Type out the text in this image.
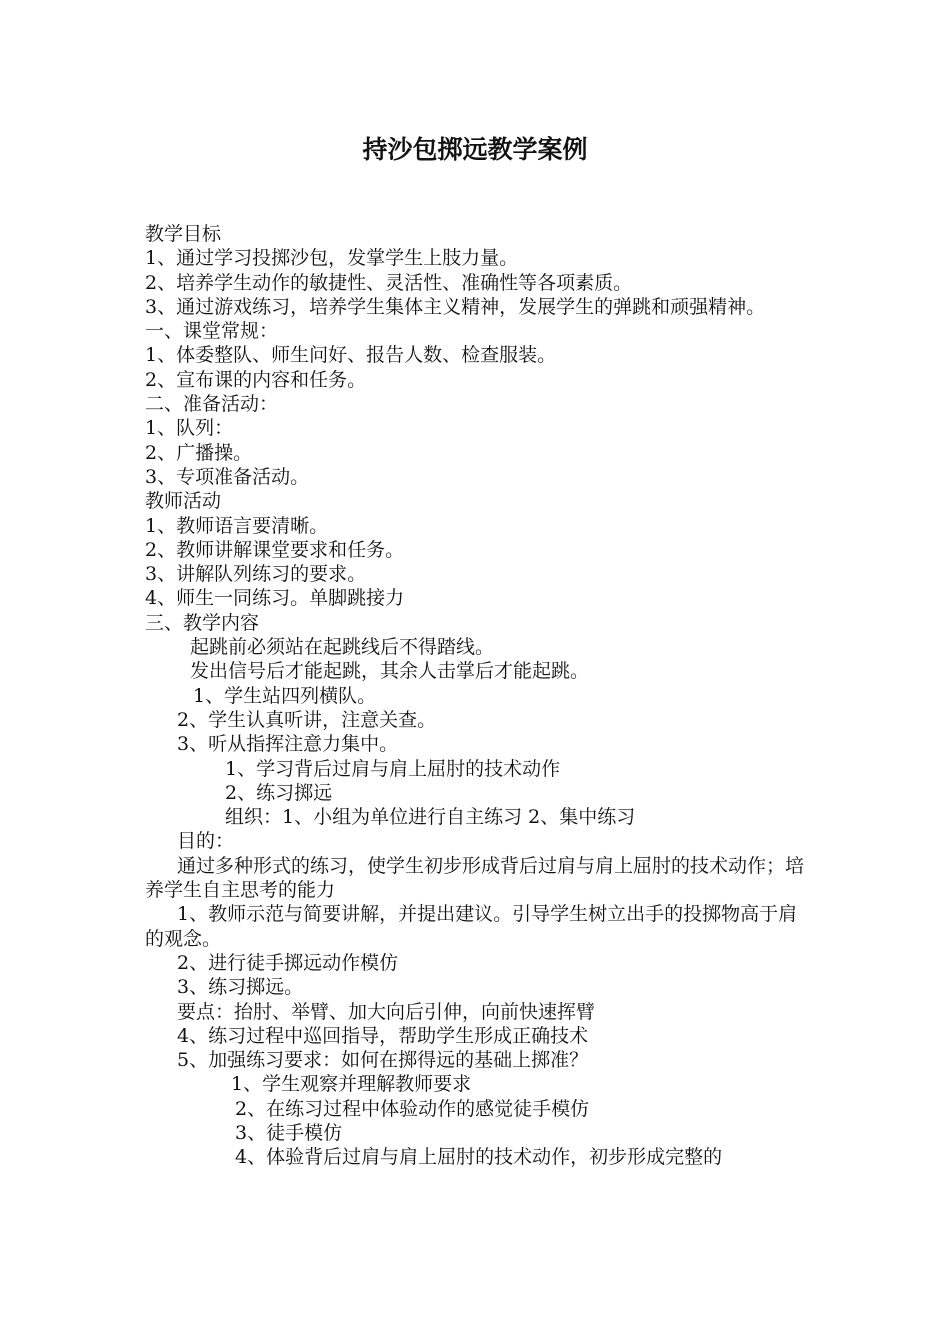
持沙包掷远教学案例
教学目标
1、通过学习投掷沙包，发掌学生上肢力量。
2、培养学生动作的敏捷性、灵活性、准确性等各项素质。
3、通过游戏练习，培养学生集体主义精神，发展学生的弹跳和顽强精神。
一、课堂常规：
1、体委整队、师生问好、报告人数、检查服装。
2、宣布课的内容和任务。
二、准备活动：
1、队列：
2、广播操。
3、专项准备活动。
教师活动
1、教师语言要清晰。
2、教师讲解课堂要求和任务。
3、讲解队列练习的要求。
4、师生一同练习。单脚跳接力
三、教学内容
起跳前必须站在起跳线后不得踏线。
发出信号后才能起跳，其余人击掌后才能起跳。
1、学生站四列横队。
2、学生认真听讲，注意关查。
3、听从指挥注意力集中。
1、学习背后过肩与肩上屈肘的技术动作
2、练习掷远
组织：1、小组为单位进行自主练习 2、集中练习
目的：
通过多种形式的练习，使学生初步形成背后过肩与肩上屈肘的技术动作；培养学生自主思考的能力
1、教师示范与简要讲解，并提出建议。引导学生树立出手的投掷物高于肩的观念。
2、进行徒手掷远动作模仿
3、练习掷远。
要点：抬肘、举臂、加大向后引伸，向前快速挥臂
4、练习过程中巡回指导，帮助学生形成正确技术
5、加强练习要求：如何在掷得远的基础上掷准？
1、学生观察并理解教师要求
2、在练习过程中体验动作的感觉徒手模仿
3、徒手模仿
4、体验背后过肩与肩上屈肘的技术动作，初步形成完整的
